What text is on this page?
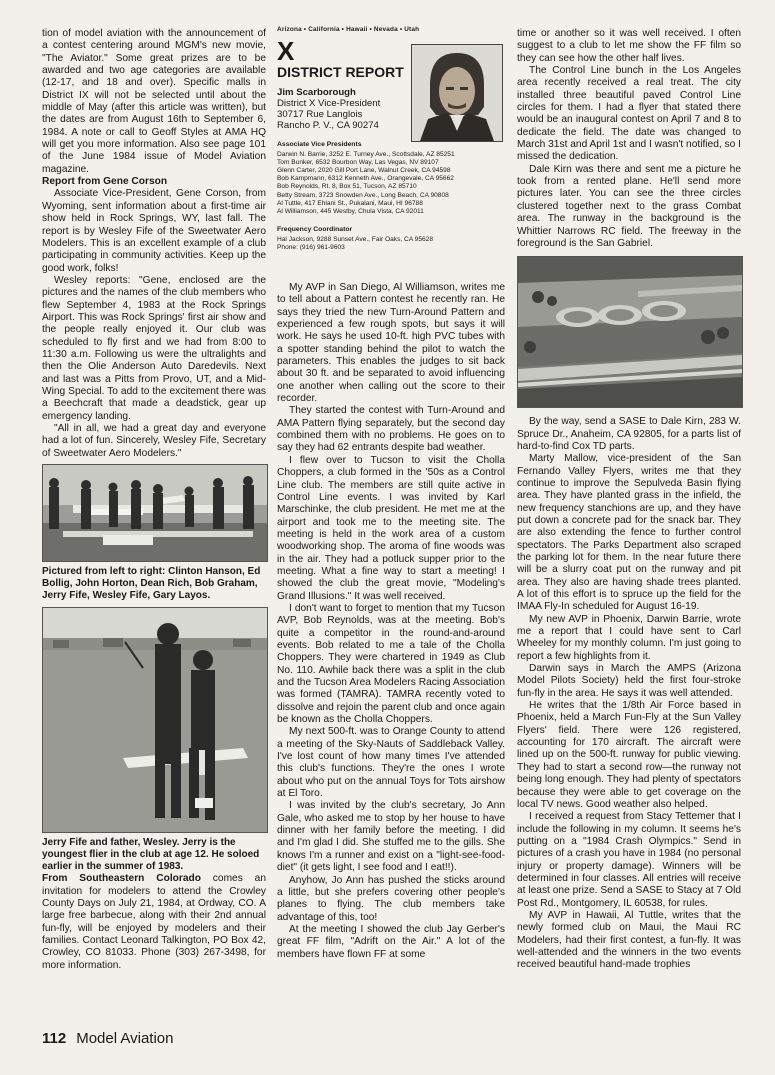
tion of model aviation with the announcement of a contest centering around MGM's new movie, "The Aviator." Some great prizes are to be awarded and two age categories are available (12-17, and 18 and over). Specific malls in District IX will not be selected until about the middle of May (after this article was written), but the dates are from August 16th to September 6, 1984. A note or call to Geoff Styles at AMA HQ will get you more information. Also see page 101 of the June 1984 issue of Model Aviation magazine.

Report from Gene Corson

Associate Vice-President, Gene Corson, from Wyoming, sent information about a first-time air show held in Rock Springs, WY, last fall. The report is by Wesley Fife of the Sweetwater Aero Modelers. This is an excellent example of a club participating in community activities. Keep up the good work, folks!

Wesley reports: "Gene, enclosed are the pictures and the names of the club members who flew September 4, 1983 at the Rock Springs Airport. This was Rock Springs' first air show and the people really enjoyed it. Our club was scheduled to fly first and we had from 8:00 to 11:30 a.m. Following us were the ultralights and then the Olie Anderson Auto Daredevils. Next and last was a Pitts from Provo, UT, and a Mid-Wing Special. To add to the excitement there was a Beechcraft that made a deadstick, gear up emergency landing.

"All in all, we had a great day and everyone had a lot of fun. Sincerely, Wesley Fife, Secretary of Sweetwater Aero Modelers."

Pictured from left to right: Clinton Hanson, Ed Bollig, John Horton, Dean Rich, Bob Graham, Jerry Fife, Wesley Fife, Gary Layos.

Jerry Fife and father, Wesley. Jerry is the youngest flier in the club at age 12. He soloed earlier in the summer of 1983.

From Southeastern Colorado comes an invitation for modelers to attend the Crowley County Days on July 21, 1984, at Ordway, CO. A large free barbecue, along with their 2nd annual fun-fly, will be enjoyed by modelers and their families. Contact Leonard Talkington, PO Box 42, Crowley, CO 81033. Phone (303) 267-3498, for more information.

Arizona • California • Hawaii • Nevada • Utah
X
DISTRICT REPORT
Jim Scarborough
District X Vice-President
30717 Rue Langlois
Rancho P. V., CA 90274
Associate Vice Presidents
Darwin N. Barrie, 3252 E. Turney Ave., Scottsdale, AZ 85251
Tom Bunker, 6532 Bourbon Way, Las Vegas, NV 89107
Glenn Carter, 2020 Gill Port Lane, Walnut Creek, CA 94598
Bob Kampmann, 6312 Kenneth Ave., Orangevale, CA 95662
Bob Reynolds, Rt. 8, Box 51, Tucson, AZ 85710
Betty Stream, 3723 Snowden Ave., Long Beach, CA 90808
Al Tuttle, 417 Ehlani St., Pukalani, Maui, HI 96788
Al Williamson, 445 Westby, Chula Vista, CA 92011
Frequency Coordinator
Hal Jackson, 9288 Sunset Ave., Fair Oaks, CA 95628
Phone: (916) 961-9603

My AVP in San Diego, Al Williamson, writes me to tell about a Pattern contest he recently ran. He says they tried the new Turn-Around Pattern and experienced a few rough spots, but says it will work. He says he used 10-ft. high PVC tubes with a spotter standing behind the pilot to watch the parameters. This enables the judges to sit back about 30 ft. and be separated to avoid influencing one another when calling out the score to their recorder.

They started the contest with Turn-Around and AMA Pattern flying separately, but the second day combined them with no problems. He goes on to say they had 62 entrants despite bad weather.

I flew over to Tucson to visit the Cholla Choppers, a club formed in the '50s as a Control Line club. The members are still quite active in Control Line events. I was invited by Karl Marschinke, the club president. He met me at the airport and took me to the meeting site. The meeting is held in the work area of a custom woodworking shop. The aroma of fine woods was in the air. They had a potluck supper prior to the meeting. What a fine way to start a meeting! I showed the club the great movie, "Modeling's Grand Illusions." It was well received.

I don't want to forget to mention that my Tucson AVP, Bob Reynolds, was at the meeting. Bob's quite a competitor in the round-and-around events. Bob related to me a tale of the Cholla Choppers. They were chartered in 1949 as Club No. 110. Awhile back there was a split in the club and the Tucson Area Modelers Racing Association was formed (TAMRA). TAMRA recently voted to dissolve and rejoin the parent club and once again be known as the Cholla Choppers.

My next 500-ft. was to Orange County to attend a meeting of the Sky-Nauts of Saddleback Valley. I've lost count of how many times I've attended this club's functions. They're the ones I wrote about who put on the annual Toys for Tots airshow at El Toro.

I was invited by the club's secretary, Jo Ann Gale, who asked me to stop by her house to have dinner with her family before the meeting. I did and I'm glad I did. She stuffed me to the gills. She knows I'm a runner and exist on a "light-see-food-diet" (it gets light, I see food and I eat!!).

Anyhow, Jo Ann has pushed the sticks around a little, but she prefers covering other people's planes to flying. The club members take advantage of this, too!

At the meeting I showed the club Jay Gerber's great FF film, "Adrift on the Air." A lot of the members have flown FF at some

time or another so it was well received. I often suggest to a club to let me show the FF film so they can see how the other half lives.

The Control Line bunch in the Los Angeles area recently received a real treat. The city installed three beautiful paved Control Line circles for them. I had a flyer that stated there would be an inaugural contest on April 7 and 8 to dedicate the field. The date was changed to March 31st and April 1st and I wasn't notified, so I missed the dedication.

Dale Kirn was there and sent me a picture he took from a rented plane. He'll send more pictures later. You can see the three circles clustered together next to the grass Combat area. The runway in the background is the Whittier Narrows RC field. The freeway in the foreground is the San Gabriel.

By the way, send a SASE to Dale Kirn, 283 W. Spruce Dr., Anaheim, CA 92805, for a parts list of hard-to-find Cox TD parts.

Marty Mallow, vice-president of the San Fernando Valley Flyers, writes me that they continue to improve the Sepulveda Basin flying area. They have planted grass in the infield, the new frequency stanchions are up, and they have put down a concrete pad for the snack bar. They are also extending the fence to further control spectators. The Parks Department also scraped the parking lot for them. In the near future there will be a slurry coat put on the runway and pit area. They also are having shade trees planted. A lot of this effort is to spruce up the field for the IMAA Fly-In scheduled for August 16-19.

My new AVP in Phoenix, Darwin Barrie, wrote me a report that I could have sent to Carl Wheeley for my monthly column. I'm just going to report a few highlights from it.

Darwin says in March the AMPS (Arizona Model Pilots Society) held the first four-stroke fun-fly in the area. He says it was well attended.

He writes that the 1/8th Air Force based in Phoenix, held a March Fun-Fly at the Sun Valley Flyers' field. There were 126 registered, accounting for 170 aircraft. The aircraft were lined up on the 500-ft. runway for public viewing. They had to start a second row—the runway not being long enough. They had plenty of spectators because they were able to get coverage on the local TV news. Good weather also helped.

I received a request from Stacy Tettemer that I include the following in my column. It seems he's putting on a "1984 Crash Olympics." Send in pictures of a crash you have in 1984 (no personal injury or property damage). Winners will be determined in four classes. All entries will receive at least one prize. Send a SASE to Stacy at 7 Old Post Rd., Montgomery, IL 60538, for rules.

My AVP in Hawaii, Al Tuttle, writes that the newly formed club on Maui, the Maui RC Modelers, had their first contest, a fun-fly. It was well-attended and the winners in the two events received beautiful hand-made trophies

112 Model Aviation
